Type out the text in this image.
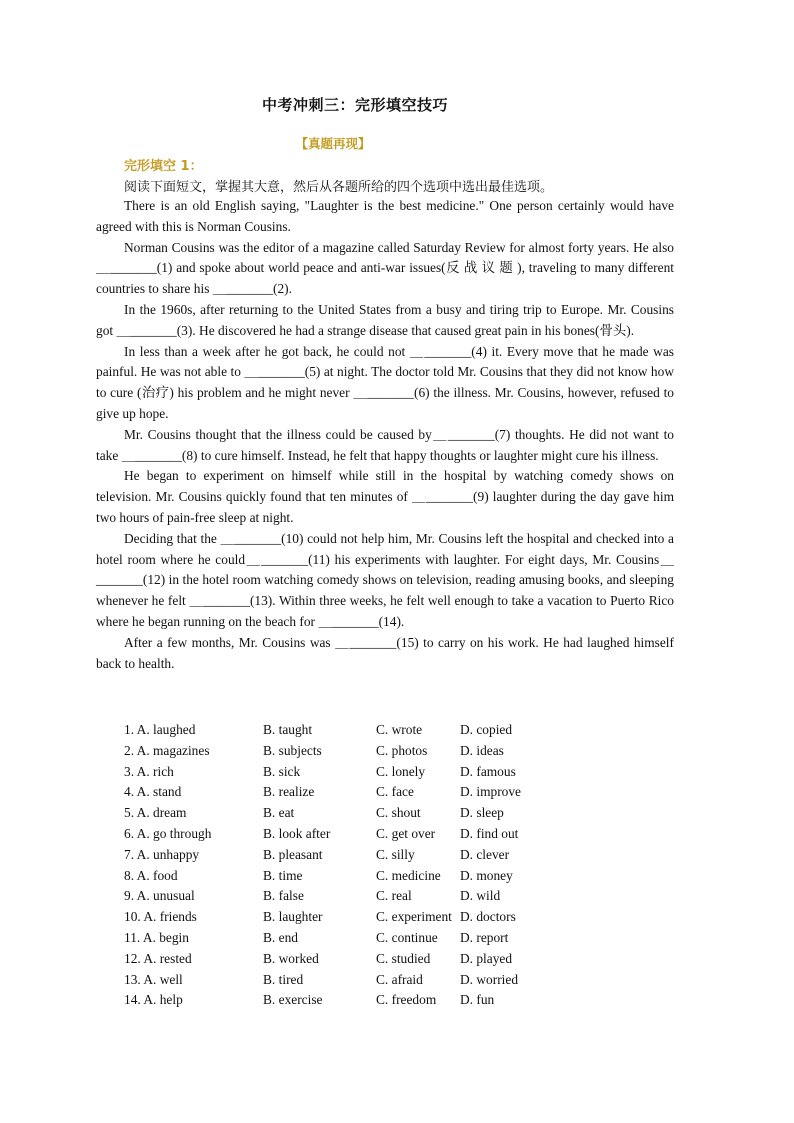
中考冲刺三：完形填空技巧
【真题再现】
完形填空 1：
阅读下面短文，掌握其大意，然后从各题所给的四个选项中选出最佳选项。

There is an old English saying, "Laughter is the best medicine." One person certainly would have agreed with this is Norman Cousins.

Norman Cousins was the editor of a magazine called Saturday Review for almost forty years. He also＿_______(1) and spoke about world peace and anti-war issues(反 战 议 题 ), traveling to many different countries to share his ＿_______(2).

In the 1960s, after returning to the United States from a busy and tiring trip to Europe. Mr. Cousins got ＿_______(3). He discovered he had a strange disease that caused great pain in his bones(骨头).

In less than a week after he got back, he could not ＿_______(4) it. Every move that he made was painful. He was not able to ＿_______(5) at night. The doctor told Mr. Cousins that they did not know how to cure (治疗) his problem and he might never ＿_______(6) the illness. Mr. Cousins, however, refused to give up hope.

Mr. Cousins thought that the illness could be caused by＿_______(7) thoughts. He did not want to take ＿_______(8) to cure himself. Instead, he felt that happy thoughts or laughter might cure his illness.

He began to experiment on himself while still in the hospital by watching comedy shows on television. Mr. Cousins quickly found that ten minutes of ＿_______(9) laughter during the day gave him two hours of pain-free sleep at night.

Deciding that the ＿_______(10) could not help him, Mr. Cousins left the hospital and checked into a hotel room where he could＿_______(11) his experiments with laughter. For eight days, Mr. Cousins＿_______(12) in the hotel room watching comedy shows on television, reading amusing books, and sleeping whenever he felt ＿_______(13). Within three weeks, he felt well enough to take a vacation to Puerto Rico where he began running on the beach for ＿_______(14).

After a few months, Mr. Cousins was ＿_______(15) to carry on his work. He had laughed himself back to health.

1. A. laughed	B. taught	C. wrote	D. copied
2. A. magazines	B. subjects	C. photos	D. ideas
3. A. rich	B. sick	C. lonely	D. famous
4. A. stand	B. realize	C. face	D. improve
5. A. dream	B. eat	C. shout	D. sleep
6. A. go through	B. look after	C. get over	D. find out
7. A. unhappy	B. pleasant	C. silly	D. clever
8. A. food	B. time	C. medicine	D. money
9. A. unusual	B. false	C. real	D. wild
10. A. friends	B. laughter	C. experiment D. doctors
11. A. begin	B. end	C. continue	D. report
12. A. rested	B. worked	C. studied	D. played
13. A. well	B. tired	C. afraid	D. worried
14. A. help	B. exercise	C. freedom	D. fun
